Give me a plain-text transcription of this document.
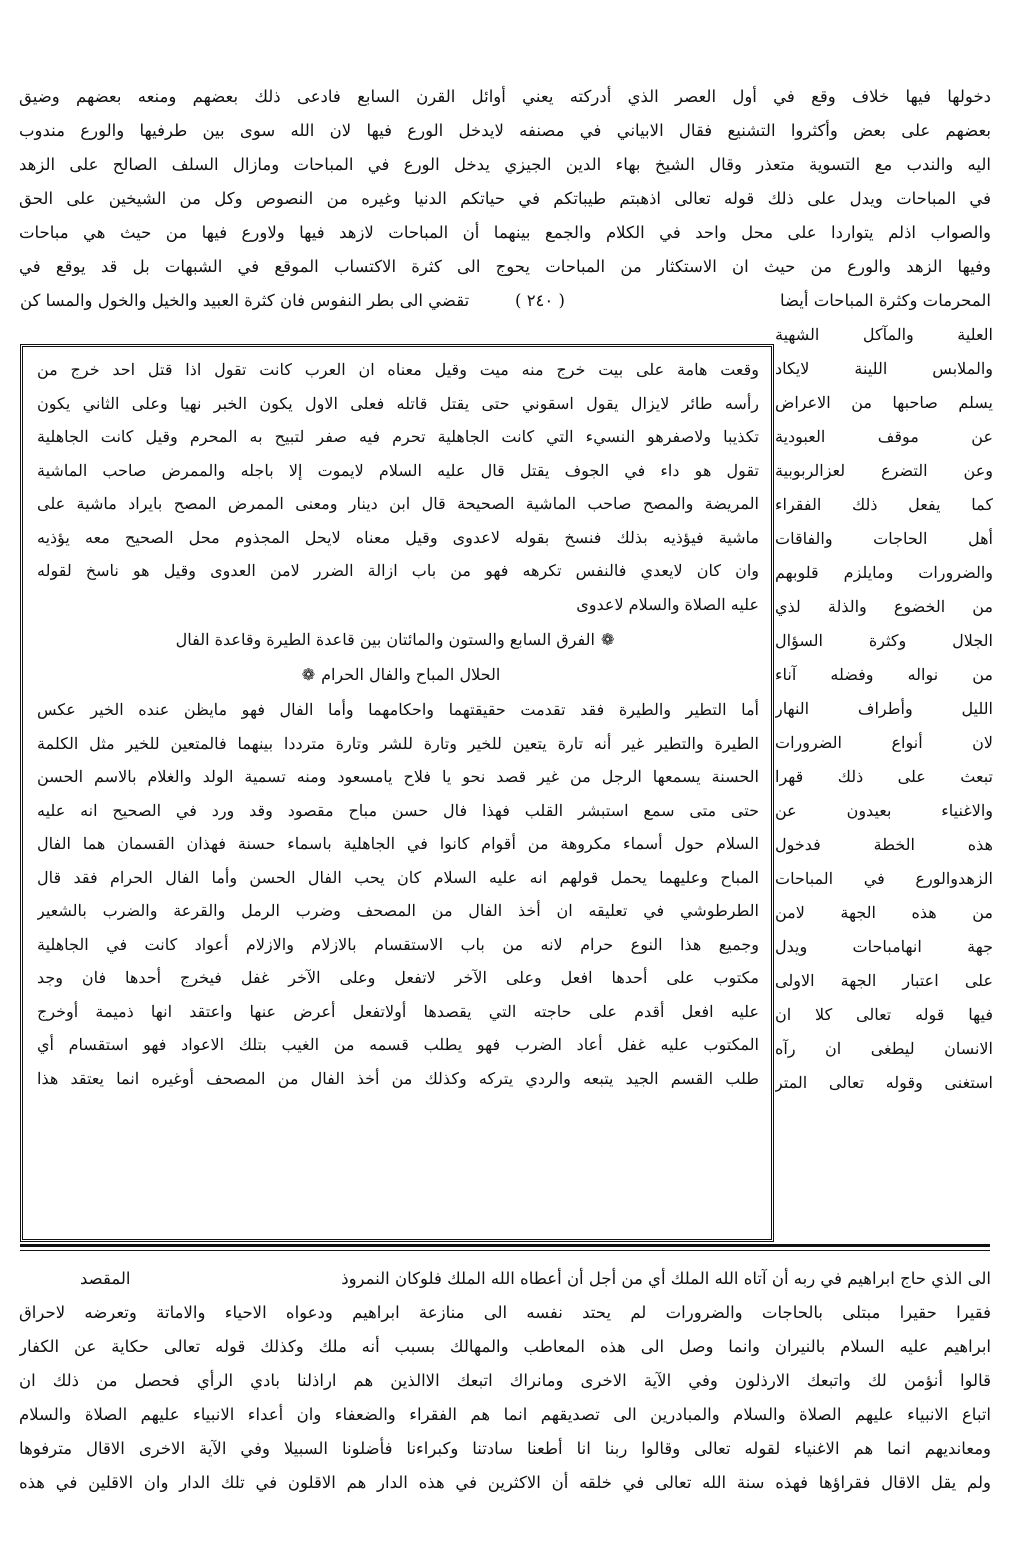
دخولها فيها خلاف وقع في أول العصر الذي أدركته يعني أوائل القرن السابع فادعى ذلك بعضهم ومنعه بعضهم وضيق
بعضهم على بعض وأكثروا التشنيع فقال الابياني في مصنفه لايدخل الورع فيها لان الله سوى بين طرفيها والورع مندوب
اليه والندب مع التسوية متعذر وقال الشيخ بهاء الدين الجيزي يدخل الورع في المباحات ومازال السلف الصالح على الزهد
في المباحات ويدل على ذلك قوله تعالى اذهبتم طيباتكم في حياتكم الدنيا وغيره من النصوص وكل من الشيخين على الحق
والصواب اذلم يتواردا على محل واحد في الكلام والجمع بينهما أن المباحات لازهد فيها ولاورع فيها من حيث هي مباحات
وفيها الزهد والورع من حيث ان الاستكثار من المباحات يحوج الى كثرة الاكتساب الموقع في الشبهات بل قد يوقع في
المحرمات وكثرة المباحات أيضا
( ٢٤٠ )
تقضي الى بطر النفوس فان كثرة العبيد والخيل والخول والمسا كن
العلية والمآكل الشهية
والملابس اللينة لايكاد
يسلم صاحبها من الاعراض
عن موقف العبودية
وعن التضرع لعزالربوبية
كما يفعل ذلك الفقراء
أهل الحاجات والفاقات
والضرورات ومايلزم قلوبهم
من الخضوع والذلة لذي
الجلال وكثرة السؤال
من نواله وفضله آناء
الليل وأطراف النهار
لان أنواع الضرورات
تبعث على ذلك قهرا
والاغنياء بعيدون عن
هذه الخطة فدخول
الزهدوالورع في المباحات
من هذه الجهة لامن
جهة انهامباحات ويدل
على اعتبار الجهة الاولى
فيها قوله تعالى كلا ان
الانسان ليطغى ان رآه
استغنى وقوله تعالى المتر
وقعت هامة على بيت خرج منه ميت وقيل معناه ان العرب كانت تقول اذا قتل احد خرج من
رأسه طائر لايزال يقول اسقوني حتى يقتل قاتله فعلى الاول يكون الخبر نهيا وعلى الثاني يكون
تكذيبا ولاصفرهو النسيء التي كانت الجاهلية تحرم فيه صفر لتبيح به المحرم وقيل كانت الجاهلية
تقول هو داء في الجوف يقتل قال عليه السلام لايموت إلا باجله والممرض صاحب الماشية
المريضة والمصح صاحب الماشية الصحيحة قال ابن دينار ومعنى الممرض المصح بايراد ماشية على
ماشية فيؤذيه بذلك فنسخ بقوله لاعدوى وقيل معناه لايحل المجذوم محل الصحيح معه يؤذيه
وان كان لايعدي فالنفس تكرهه فهو من باب ازالة الضرر لامن العدوى وقيل هو ناسخ لقوله
عليه الصلاة والسلام لاعدوى
❁الفرق السابع والستون والمائتان بين قاعدة الطيرة وقاعدة الفال
الحلال المباح والفال الحرام❁
أما التطير والطيرة فقد تقدمت حقيقتهما واحكامهما وأما الفال فهو مايظن عنده الخير عكس
الطيرة والتطير غير أنه تارة يتعين للخير وتارة للشر وتارة مترددا بينهما فالمتعين للخير مثل الكلمة
الحسنة يسمعها الرجل من غير قصد نحو يا فلاح يامسعود ومنه تسمية الولد والغلام بالاسم الحسن
حتى متى سمع استبشر القلب فهذا فال حسن مباح مقصود وقد ورد في الصحيح انه عليه
السلام حول أسماء مكروهة من أقوام كانوا في الجاهلية باسماء حسنة فهذان القسمان هما الفال
المباح وعليهما يحمل قولهم انه عليه السلام كان يحب الفال الحسن وأما الفال الحرام فقد قال
الطرطوشي في تعليقه ان أخذ الفال من المصحف وضرب الرمل والقرعة والضرب بالشعير
وجميع هذا النوع حرام لانه من باب الاستقسام بالازلام والازلام أعواد كانت في الجاهلية
مكتوب على أحدها افعل وعلى الآخر لاتفعل وعلى الآخر غفل فيخرج أحدها فان وجد
عليه افعل أقدم على حاجته التي يقصدها أولاتفعل أعرض عنها واعتقد انها ذميمة أوخرج
المكتوب عليه غفل أعاد الضرب فهو يطلب قسمه من الغيب بتلك الاعواد فهو استقسام أي
طلب القسم الجيد يتبعه والردي يتركه وكذلك من أخذ الفال من المصحف أوغيره انما يعتقد هذا
الى الذي حاج ابراهيم في ربه أن آتاه الله الملك أي من أجل أن أعطاه الله الملك فلوكان النمروذ
المقصد
فقيرا حقيرا مبتلى بالحاجات والضرورات لم يحتد نفسه الى منازعة ابراهيم ودعواه الاحياء والاماتة وتعرضه لاحراق
ابراهيم عليه السلام بالنيران وانما وصل الى هذه المعاطب والمهالك بسبب أنه ملك وكذلك قوله تعالى حكاية عن الكفار
قالوا أنؤمن لك واتبعك الارذلون وفي الآية الاخرى ومانراك اتبعك الاالذين هم اراذلنا بادي الرأي فحصل من ذلك ان
اتباع الانبياء عليهم الصلاة والسلام والمبادرين الى تصديقهم انما هم الفقراء والضعفاء وان أعداء الانبياء عليهم الصلاة والسلام
ومعانديهم انما هم الاغنياء لقوله تعالى وقالوا ربنا انا أطعنا سادتنا وكبراءنا فأضلونا السبيلا وفي الآية الاخرى الاقال مترفوها
ولم يقل الاقال فقراؤها فهذه سنة الله تعالى في خلقه أن الاكثرين في هذه الدار هم الاقلون في تلك الدار وان الاقلين في هذه
